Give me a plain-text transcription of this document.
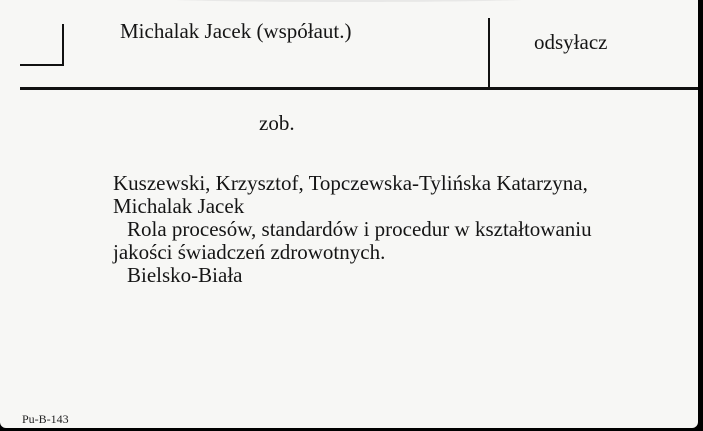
Michalak Jacek (współaut.)	odsyłacz
zob.
Kuszewski, Krzysztof, Topczewska-Tylińska Katarzyna,
Michalak Jacek
Rola procesów, standardów i procedur w kształtowaniu
jakości świadczeń zdrowotnych.
Bielsko-Biała
Pu-B-143
